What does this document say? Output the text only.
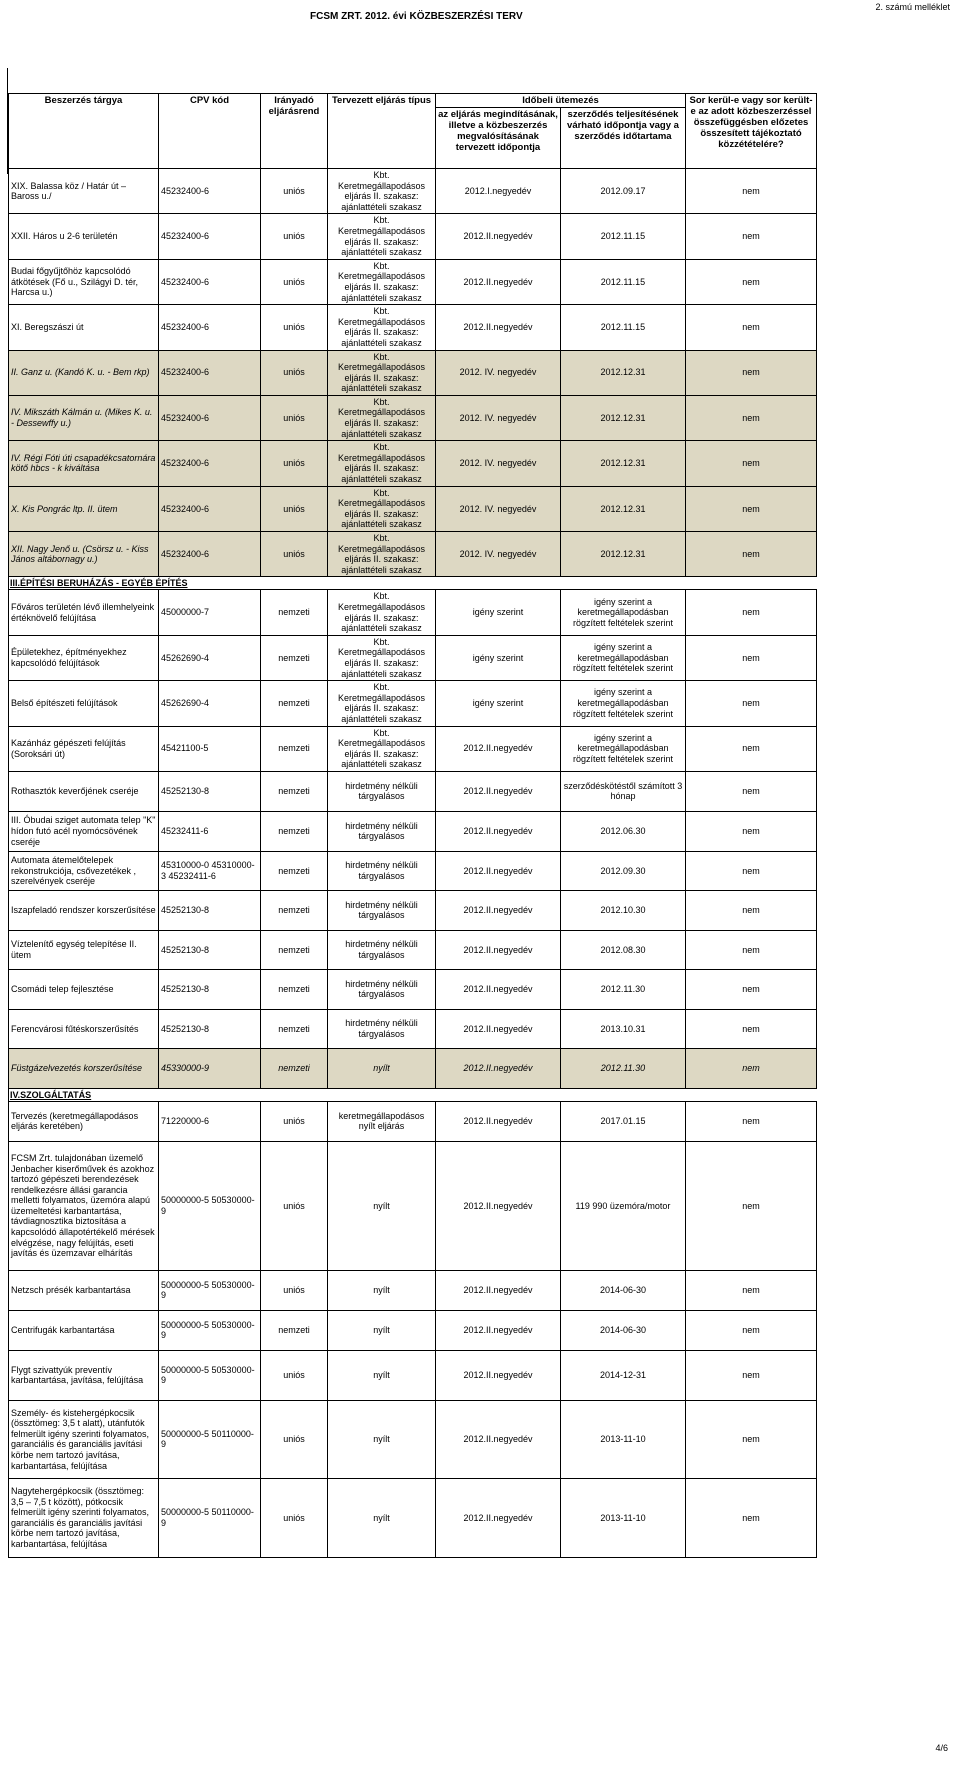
2. számú melléklet
FCSM ZRT. 2012. évi KÖZBESZERZÉSI TERV
Beszerzés tárgya	CPV kód	Irányadó eljárásrend	Tervezett eljárás típus	Időbeli ütemezés		Sor kerül-e vagy sor került-e az adott közbeszerzéssel összefüggésben előzetes összesített tájékoztató közzétételére?
				az eljárás megindításának, illetve a közbeszerzés megvalósításának tervezett időpontja	szerződés teljesítésének várható időpontja vagy a szerződés időtartama	
XIX. Balassa köz / Határ út – Baross u./	45232400-6	uniós	Kbt. Keretmegállapodásos eljárás II. szakasz: ajánlattételi szakasz	2012.I.negyedév	2012.09.17	nem
XXII. Háros u 2-6 területén	45232400-6	uniós	Kbt. Keretmegállapodásos eljárás II. szakasz: ajánlattételi szakasz	2012.II.negyedév	2012.11.15	nem
Budai főgyűjtőhöz kapcsolódó átkötések (Fő u., Szilágyi D. tér, Harcsa u.)	45232400-6	uniós	Kbt. Keretmegállapodásos eljárás II. szakasz: ajánlattételi szakasz	2012.II.negyedév	2012.11.15	nem
XI. Beregszászi út	45232400-6	uniós	Kbt. Keretmegállapodásos eljárás II. szakasz: ajánlattételi szakasz	2012.II.negyedév	2012.11.15	nem
II. Ganz u. (Kandó K. u. - Bem rkp)	45232400-6	uniós	Kbt. Keretmegállapodásos eljárás II. szakasz: ajánlattételi szakasz	2012. IV. negyedév	2012.12.31	nem
IV. Mikszáth Kálmán u. (Mikes K. u. - Dessewffy u.)	45232400-6	uniós	Kbt. Keretmegállapodásos eljárás II. szakasz: ajánlattételi szakasz	2012. IV. negyedév	2012.12.31	nem
IV. Régi Fóti úti csapadékcsatornára kötő hbcs - k kiváltása	45232400-6	uniós	Kbt. Keretmegállapodásos eljárás II. szakasz: ajánlattételi szakasz	2012. IV. negyedév	2012.12.31	nem
X. Kis Pongrác ltp. II. ütem	45232400-6	uniós	Kbt. Keretmegállapodásos eljárás II. szakasz: ajánlattételi szakasz	2012. IV. negyedév	2012.12.31	nem
XII. Nagy Jenő u. (Csörsz u. - Kiss János altábornagy u.)	45232400-6	uniós	Kbt. Keretmegállapodásos eljárás II. szakasz: ajánlattételi szakasz	2012. IV. negyedév	2012.12.31	nem
III.ÉPÍTÉSI BERUHÁZÁS - EGYÉB ÉPÍTÉS						
Főváros területén lévő illemhelyeink értéknövelő felújítása	45000000-7	nemzeti	Kbt. Keretmegállapodásos eljárás II. szakasz: ajánlattételi szakasz	igény szerint	igény szerint a keretmegállapodásban rögzített feltételek szerint	nem
Épületekhez, építményekhez kapcsolódó felújítások	45262690-4	nemzeti	Kbt. Keretmegállapodásos eljárás II. szakasz: ajánlattételi szakasz	igény szerint	igény szerint a keretmegállapodásban rögzített feltételek szerint	nem
Belső építészeti felújítások	45262690-4	nemzeti	Kbt. Keretmegállapodásos eljárás II. szakasz: ajánlattételi szakasz	igény szerint	igény szerint a keretmegállapodásban rögzített feltételek szerint	nem
Kazánház gépészeti felújítás (Soroksári út)	45421100-5	nemzeti	Kbt. Keretmegállapodásos eljárás II. szakasz: ajánlattételi szakasz	2012.II.negyedév	igény szerint a keretmegállapodásban rögzített feltételek szerint	nem
Rothasztók keverőjének cseréje	45252130-8	nemzeti	hirdetmény nélküli tárgyalásos	2012.II.negyedév	szerződéskötéstől számított 3 hónap	nem
III. Óbudai sziget automata telep "K" hídon futó acél nyomócsövének cseréje	45232411-6	nemzeti	hirdetmény nélküli tárgyalásos	2012.II.negyedév	2012.06.30	nem
Automata átemelőtelepek rekonstrukciója, csővezetékek , szerelvények cseréje	45310000-0 45310000-3 45232411-6	nemzeti	hirdetmény nélküli tárgyalásos	2012.II.negyedév	2012.09.30	nem
Iszapfeladó rendszer korszerűsítése	45252130-8	nemzeti	hirdetmény nélküli tárgyalásos	2012.II.negyedév	2012.10.30	nem
Víztelenítő egység telepítése II. ütem	45252130-8	nemzeti	hirdetmény nélküli tárgyalásos	2012.II.negyedév	2012.08.30	nem
Csomádi telep fejlesztése	45252130-8	nemzeti	hirdetmény nélküli tárgyalásos	2012.II.negyedév	2012.11.30	nem
Ferencvárosi fűtéskorszerűsítés	45252130-8	nemzeti	hirdetmény nélküli tárgyalásos	2012.II.negyedév	2013.10.31	nem
Füstgázelvezetés korszerűsítése	45330000-9	nemzeti	nyílt	2012.II.negyedév	2012.11.30	nem
IV.SZOLGÁLTATÁS						
Tervezés (keretmegállapodásos eljárás keretében)	71220000-6	uniós	keretmegállapodásos nyílt eljárás	2012.II.negyedév	2017.01.15	nem
FCSM Zrt. tulajdonában üzemelő Jenbacher kiserőművek és azokhoz tartozó gépészeti berendezések rendelkezésre állási garancia melletti folyamatos, üzemóra alapú üzemeltetési karbantartása, távdiagnosztika biztosítása a kapcsolódó állapotértékelő mérések elvégzése, nagy felújítás, eseti javítás és üzemzavar elhárítás	50000000-5 50530000-9	uniós	nyílt	2012.II.negyedév	119 990 üzemóra/motor	nem
Netzsch présék karbantartása	50000000-5 50530000-9	uniós	nyílt	2012.II.negyedév	2014-06-30	nem
Centrifugák karbantartása	50000000-5 50530000-9	nemzeti	nyílt	2012.II.negyedév	2014-06-30	nem
Flygt szivattyúk preventív karbantartása, javítása, felújítása	50000000-5 50530000-9	uniós	nyílt	2012.II.negyedév	2014-12-31	nem
Személy- és kistehergépkocsik (össztömeg: 3,5 t alatt), utánfutók felmerült igény szerinti folyamatos, garanciális és garanciális javítási körbe nem tartozó javítása, karbantartása, felújítása	50000000-5 50110000-9	uniós	nyílt	2012.II.negyedév	2013-11-10	nem
Nagytehergépkocsik (össztömeg: 3,5 – 7,5 t között), pótkocsik felmerült igény szerinti folyamatos, garanciális és garanciális javítási körbe nem tartozó javítása, karbantartása, felújítása	50000000-5 50110000-9	uniós	nyílt	2012.II.negyedév	2013-11-10	nem
4/6
